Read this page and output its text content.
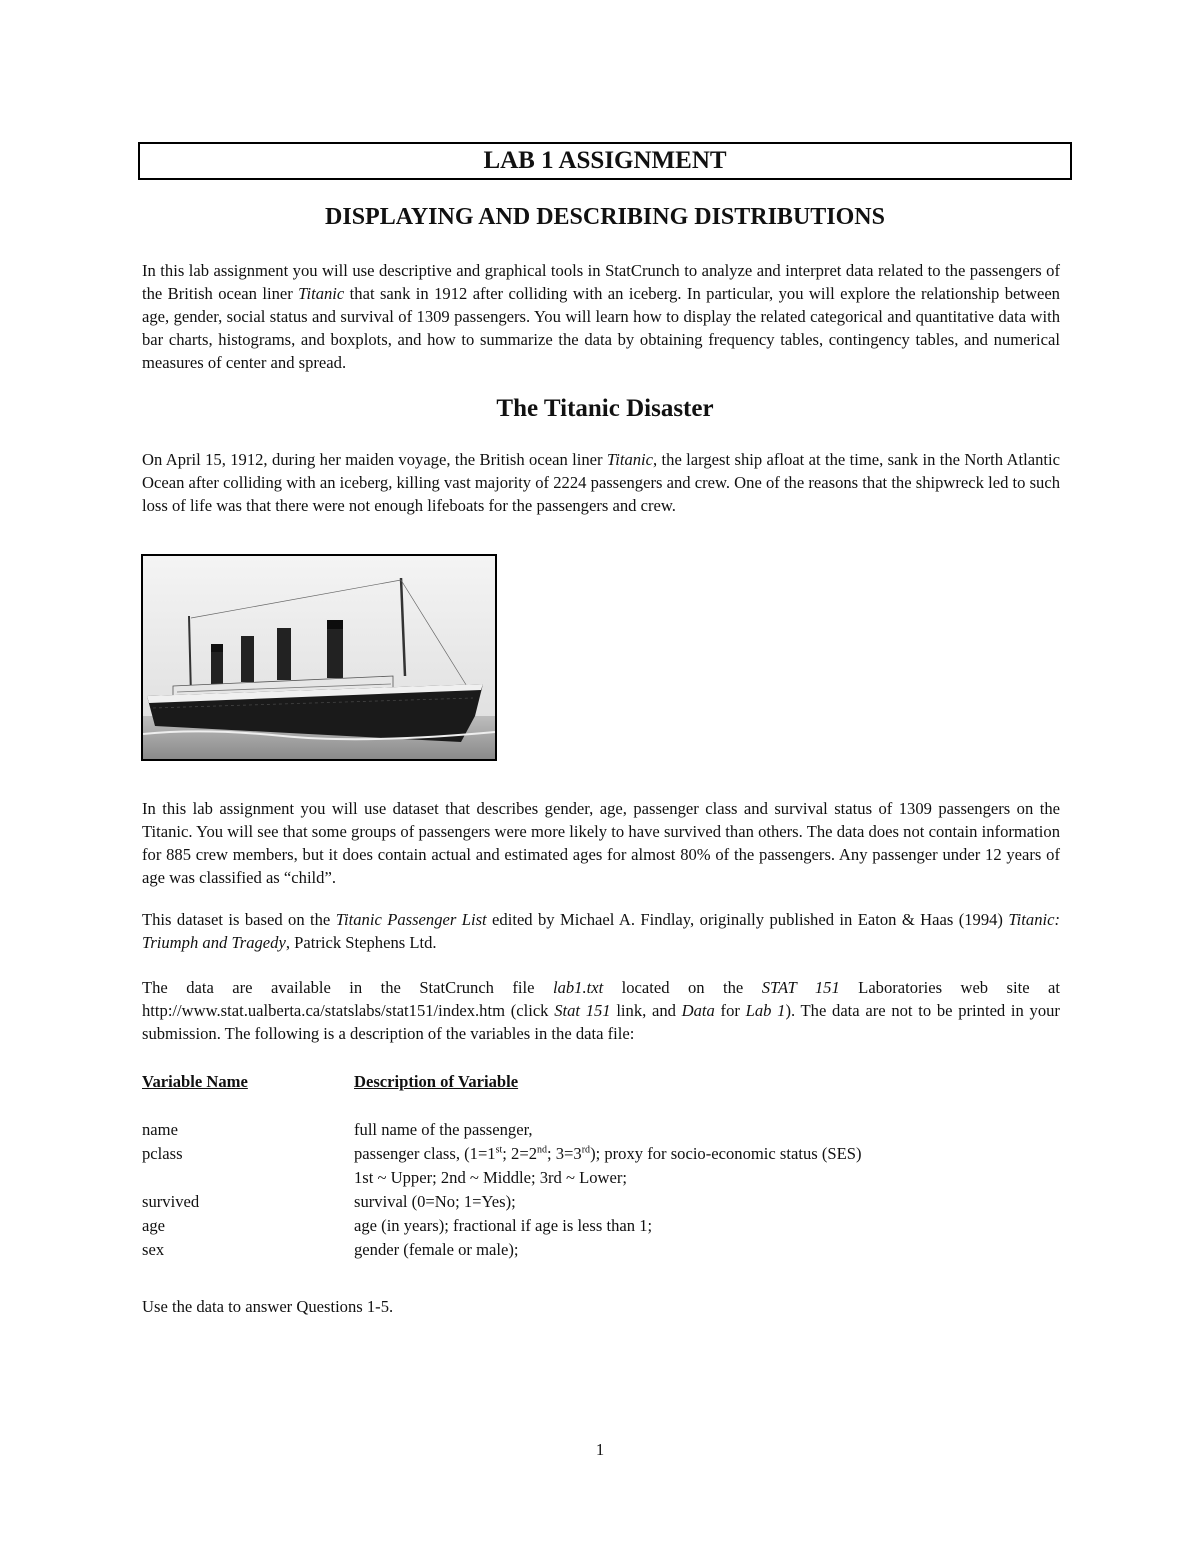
LAB 1 ASSIGNMENT
DISPLAYING AND DESCRIBING DISTRIBUTIONS
In this lab assignment you will use descriptive and graphical tools in StatCrunch to analyze and interpret data related to the passengers of the British ocean liner Titanic that sank in 1912 after colliding with an iceberg. In particular, you will explore the relationship between age, gender, social status and survival of 1309 passengers. You will learn how to display the related categorical and quantitative data with bar charts, histograms, and boxplots, and how to summarize the data by obtaining frequency tables, contingency tables, and numerical measures of center and spread.
The Titanic Disaster
On April 15, 1912, during her maiden voyage, the British ocean liner Titanic, the largest ship afloat at the time, sank in the North Atlantic Ocean after colliding with an iceberg, killing vast majority of 2224 passengers and crew. One of the reasons that the shipwreck led to such loss of life was that there were not enough lifeboats for the passengers and crew.
In this lab assignment you will use dataset that describes gender, age, passenger class and survival status of 1309 passengers on the Titanic. You will see that some groups of passengers were more likely to have survived than others. The data does not contain information for 885 crew members, but it does contain actual and estimated ages for almost 80% of the passengers. Any passenger under 12 years of age was classified as “child”.
This dataset is based on the Titanic Passenger List edited by Michael A. Findlay, originally published in Eaton & Haas (1994) Titanic: Triumph and Tragedy, Patrick Stephens Ltd.
The data are available in the StatCrunch file lab1.txt located on the STAT 151 Laboratories web site at http://www.stat.ualberta.ca/statslabs/stat151/index.htm (click Stat 151 link, and Data for Lab 1). The data are not to be printed in your submission. The following is a description of the variables in the data file:
Variable Name	Description of Variable
name	full name of the passenger,
pclass	passenger class, (1=1st; 2=2nd; 3=3rd); proxy for socio-economic status (SES)
1st ~ Upper; 2nd ~ Middle; 3rd ~ Lower;
survived	survival (0=No; 1=Yes);
age	age (in years); fractional if age is less than 1;
sex	gender (female or male);
Use the data to answer Questions 1-5.
1
